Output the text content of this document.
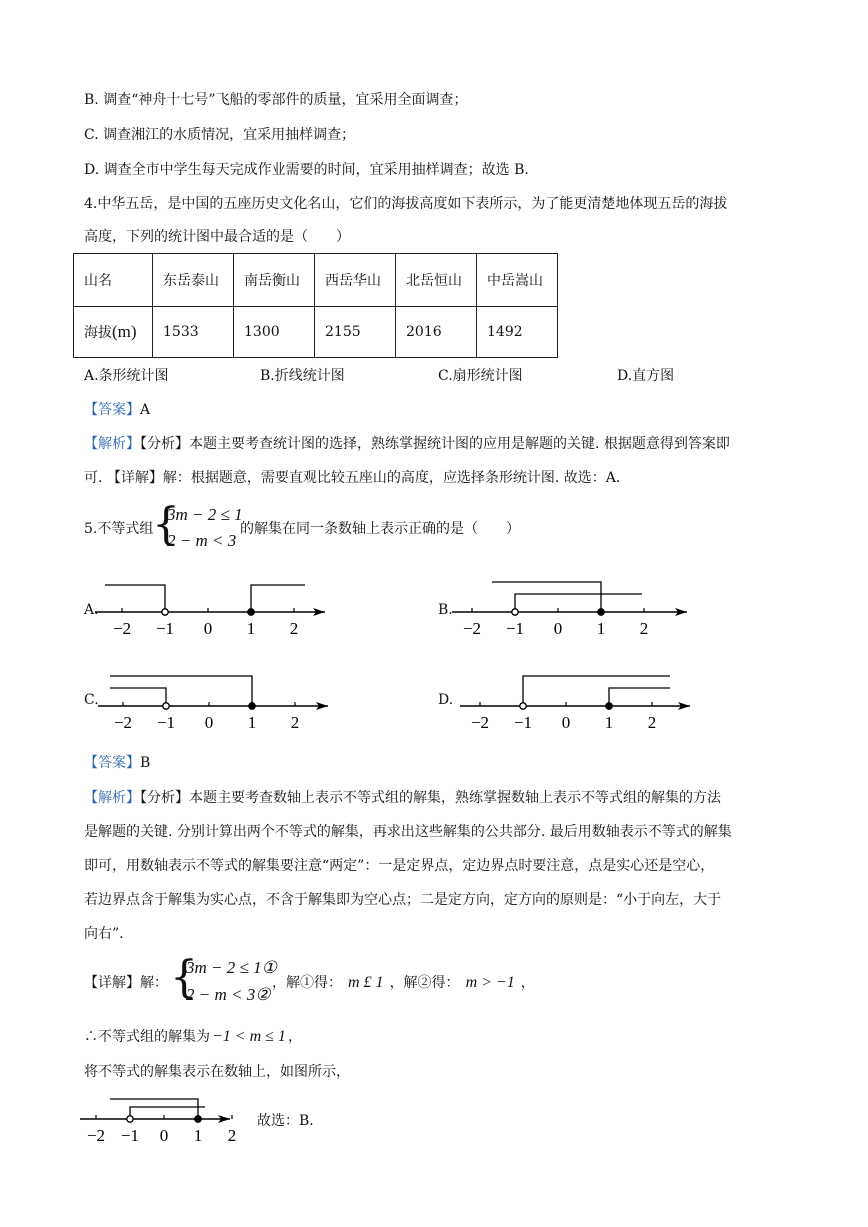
B. 调查“神舟十七号”飞船的零部件的质量，宜采用全面调查；
C. 调查湘江的水质情况，宜采用抽样调查；
D. 调查全市中学生每天完成作业需要的时间，宜采用抽样调查；故选 B.
4.中华五岳，是中国的五座历史文化名山，它们的海拔高度如下表所示，为了能更清楚地体现五岳的海拔
高度，下列的统计图中最合适的是（　　）
山名	东岳泰山	南岳衡山	西岳华山	北岳恒山	中岳嵩山
海拔(m)	1533	1300	2155	2016	1492
A.条形统计图	B.折线统计图	C.扇形统计图	D.直方图
【答案】A
【解析】【分析】本题主要考查统计图的选择，熟练掌握统计图的应用是解题的关键. 根据题意得到答案即
可. 【详解】解：根据题意，需要直观比较五座山的高度，应选择条形统计图. 故选：A.
5.不等式组
{
3m − 2 ≤ 1
2 − m < 3
的解集在同一条数轴上表示正确的是（　　）
A.	B.
C.	D.
−2 −1 0 1 2	−2 −1 0 1 2
−2 −1 0 1 2	−2 −1 0 1 2
【答案】B
【解析】【分析】本题主要考查数轴上表示不等式组的解集，熟练掌握数轴上表示不等式组的解集的方法
是解题的关键. 分别计算出两个不等式的解集，再求出这些解集的公共部分. 最后用数轴表示不等式的解集
即可，用数轴表示不等式的解集要注意“两定”：一是定界点，定边界点时要注意，点是实心还是空心，
若边界点含于解集为实心点，不含于解集即为空心点；二是定方向，定方向的原则是：“小于向左，大于
向右”.
【详解】解： {
3m − 2 ≤ 1①
2 − m < 3②
，解①得： m £ 1 ，解②得： m > −1 ，
∴不等式组的解集为 −1 < m ≤ 1 ，
将不等式的解集表示在数轴上，如图所示，
−2 −1 0 1 2
故选：B.
